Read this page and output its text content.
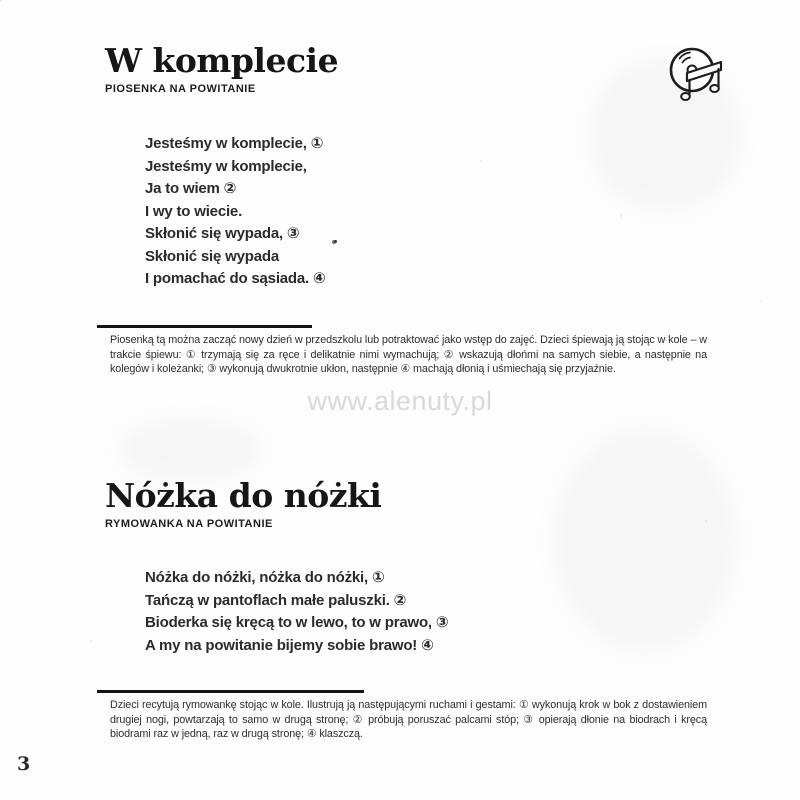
W komplecie
PIOSENKA NA POWITANIE
Jesteśmy w komplecie, ①
Jesteśmy w komplecie,
Ja to wiem ②
I wy to wiecie.
Skłonić się wypada, ③
Skłonić się wypada
I pomachać do sąsiada. ④

Piosenką tą można zacząć nowy dzień w przedszkolu lub potraktować jako wstęp do zajęć. Dzieci śpiewają ją stojąc w kole – w trakcie śpiewu: ① trzymają się za ręce i delikatnie nimi wymachują; ② wskazują dłońmi na samych siebie, a następnie na kolegów i koleżanki; ③ wykonują dwukrotnie ukłon, następnie ④ machają dłonią i uśmiechają się przyjaźnie.

www.alenuty.pl
Nóżka do nóżki
RYMOWANKA NA POWITANIE
Nóżka do nóżki, nóżka do nóżki, ①
Tańczą w pantoflach małe paluszki. ②
Bioderka się kręcą to w lewo, to w prawo, ③
A my na powitanie bijemy sobie brawo! ④

Dzieci recytują rymowankę stojąc w kole. Ilustrują ją następującymi ruchami i gestami: ① wykonują krok w bok z dostawieniem drugiej nogi, powtarzają to samo w drugą stronę; ② próbują poruszać palcami stóp; ③ opierają dłonie na biodrach i kręcą biodrami raz w jedną, raz w drugą stronę; ④ klaszczą.

3
